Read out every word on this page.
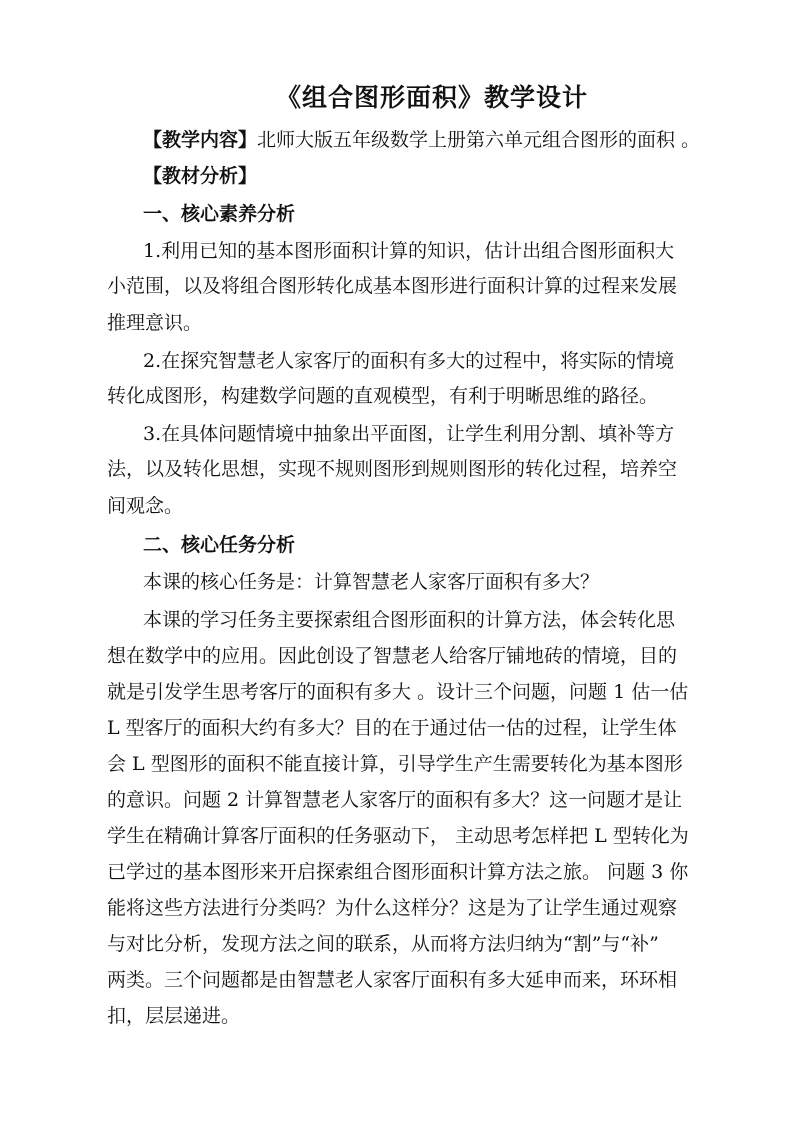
《组合图形面积》教学设计
【教学内容】北师大版五年级数学上册第六单元组合图形的面积 。
【教材分析】
一、核心素养分析
1.利用已知的基本图形面积计算的知识，估计出组合图形面积大
小范围，以及将组合图形转化成基本图形进行面积计算的过程来发展
推理意识。
2.在探究智慧老人家客厅的面积有多大的过程中，将实际的情境
转化成图形，构建数学问题的直观模型，有利于明晰思维的路径。
3.在具体问题情境中抽象出平面图，让学生利用分割、填补等方
法，以及转化思想，实现不规则图形到规则图形的转化过程，培养空
间观念。
二、核心任务分析
本课的核心任务是：计算智慧老人家客厅面积有多大？
本课的学习任务主要探索组合图形面积的计算方法，体会转化思
想在数学中的应用。因此创设了智慧老人给客厅铺地砖的情境，目的
就是引发学生思考客厅的面积有多大 。设计三个问题，问题 1 估一估
L 型客厅的面积大约有多大？目的在于通过估一估的过程，让学生体
会 L 型图形的面积不能直接计算，引导学生产生需要转化为基本图形
的意识。问题 2 计算智慧老人家客厅的面积有多大？这一问题才是让
学生在精确计算客厅面积的任务驱动下， 主动思考怎样把 L 型转化为
已学过的基本图形来开启探索组合图形面积计算方法之旅。 问题 3 你
能将这些方法进行分类吗？为什么这样分？这是为了让学生通过观察
与对比分析，发现方法之间的联系，从而将方法归纳为“割”与“补”
两类。三个问题都是由智慧老人家客厅面积有多大延申而来，环环相
扣，层层递进。
